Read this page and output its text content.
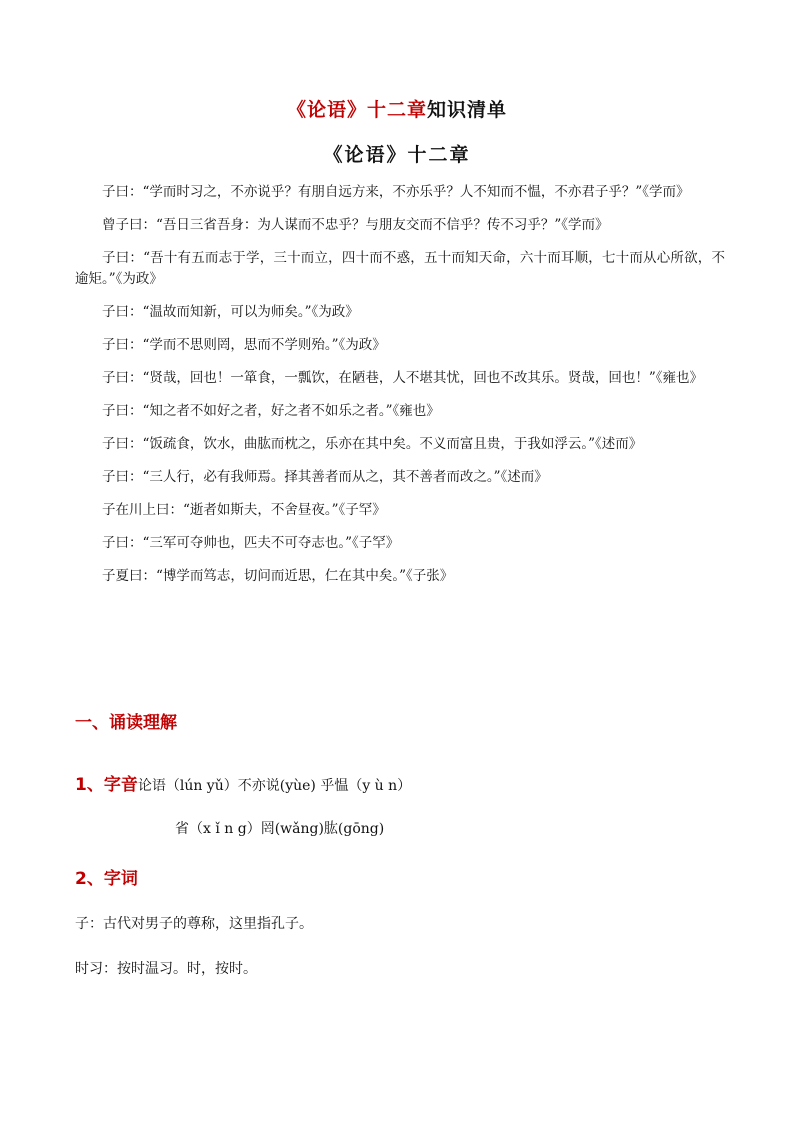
《论语》十二章知识清单
《论语》十二章

子曰：“学而时习之，不亦说乎？有朋自远方来，不亦乐乎？人不知而不愠，不亦君子乎？”《学而》

曾子曰：“吾日三省吾身：为人谋而不忠乎？与朋友交而不信乎？传不习乎？”《学而》

子曰：“吾十有五而志于学，三十而立，四十而不惑，五十而知天命，六十而耳顺，七十而从心所欲，不逾矩。”《为政》

子曰：“温故而知新，可以为师矣。”《为政》

子曰：“学而不思则罔，思而不学则殆。”《为政》

子曰：“贤哉，回也！一箪食，一瓢饮，在陋巷，人不堪其忧，回也不改其乐。贤哉，回也！”《雍也》

子曰：“知之者不如好之者，好之者不如乐之者。”《雍也》

子曰：“饭疏食，饮水，曲肱而枕之，乐亦在其中矣。不义而富且贵，于我如浮云。”《述而》

子曰：“三人行，必有我师焉。择其善者而从之，其不善者而改之。”《述而》

子在川上曰：“逝者如斯夫，不舍昼夜。”《子罕》

子曰：“三军可夺帅也，匹夫不可夺志也。”《子罕》

子夏曰：“博学而笃志，切问而近思，仁在其中矣。”《子张》

一、诵读理解
1、字音论语（lún yǔ）不亦说(yùe) 乎愠（y ù n）
省（x ǐ n g）罔(wǎng)肱(gōng)
2、字词
子：古代对男子的尊称，这里指孔子。
时习：按时温习。时，按时。
